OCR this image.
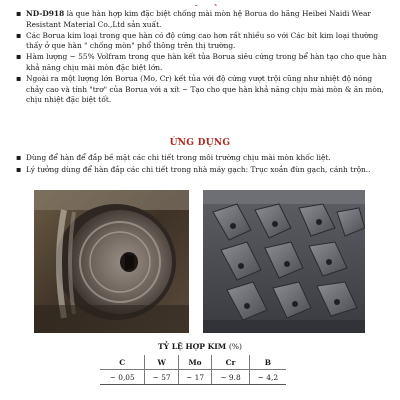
▪ ND-D918 là que hàn hợp kim đặc biệt chống mài mòn hệ Borua do hãng Heibei Naidi Wear Resistant Material Co.,Ltd sản xuất.
▪ Các Borua kim loại trong que hàn có độ cứng cao hơn rất nhiều so với Các bít kim loại thường thấy ở que hàn " chống mòn" phổ thông trên thị trường.
▪ Hàm lượng ~ 55% Volfram trong que hàn kết tủa Borua siêu cứng trong bể hàn tạo cho que hàn khả năng chịu mài mòn đặc biệt lớn.
▪ Ngoài ra một lượng lớn Borua (Mo, Cr) kết tủa với độ cứng vượt trội cũng như nhiệt độ nóng chảy cao và tính "trơ" của Borua với a xít ~ Tạo cho que hàn khả năng chịu mài mòn & ăn mòn, chịu nhiệt đặc biệt tốt.
ỨNG DỤNG
▪ Dùng để hàn để đắp bề mặt các chi tiết trong môi trường chịu mài mòn khốc liệt.
▪ Lý tưởng dùng để hàn đắp các chi tiết trong nhà máy gạch: Trục xoắn đùn gạch, cánh trộn..
TỶ LỆ HỢP KIM (%)
C	W	Mo	Cr	B
~ 0,05	~ 57	~ 17	~ 9.8	~ 4,2
